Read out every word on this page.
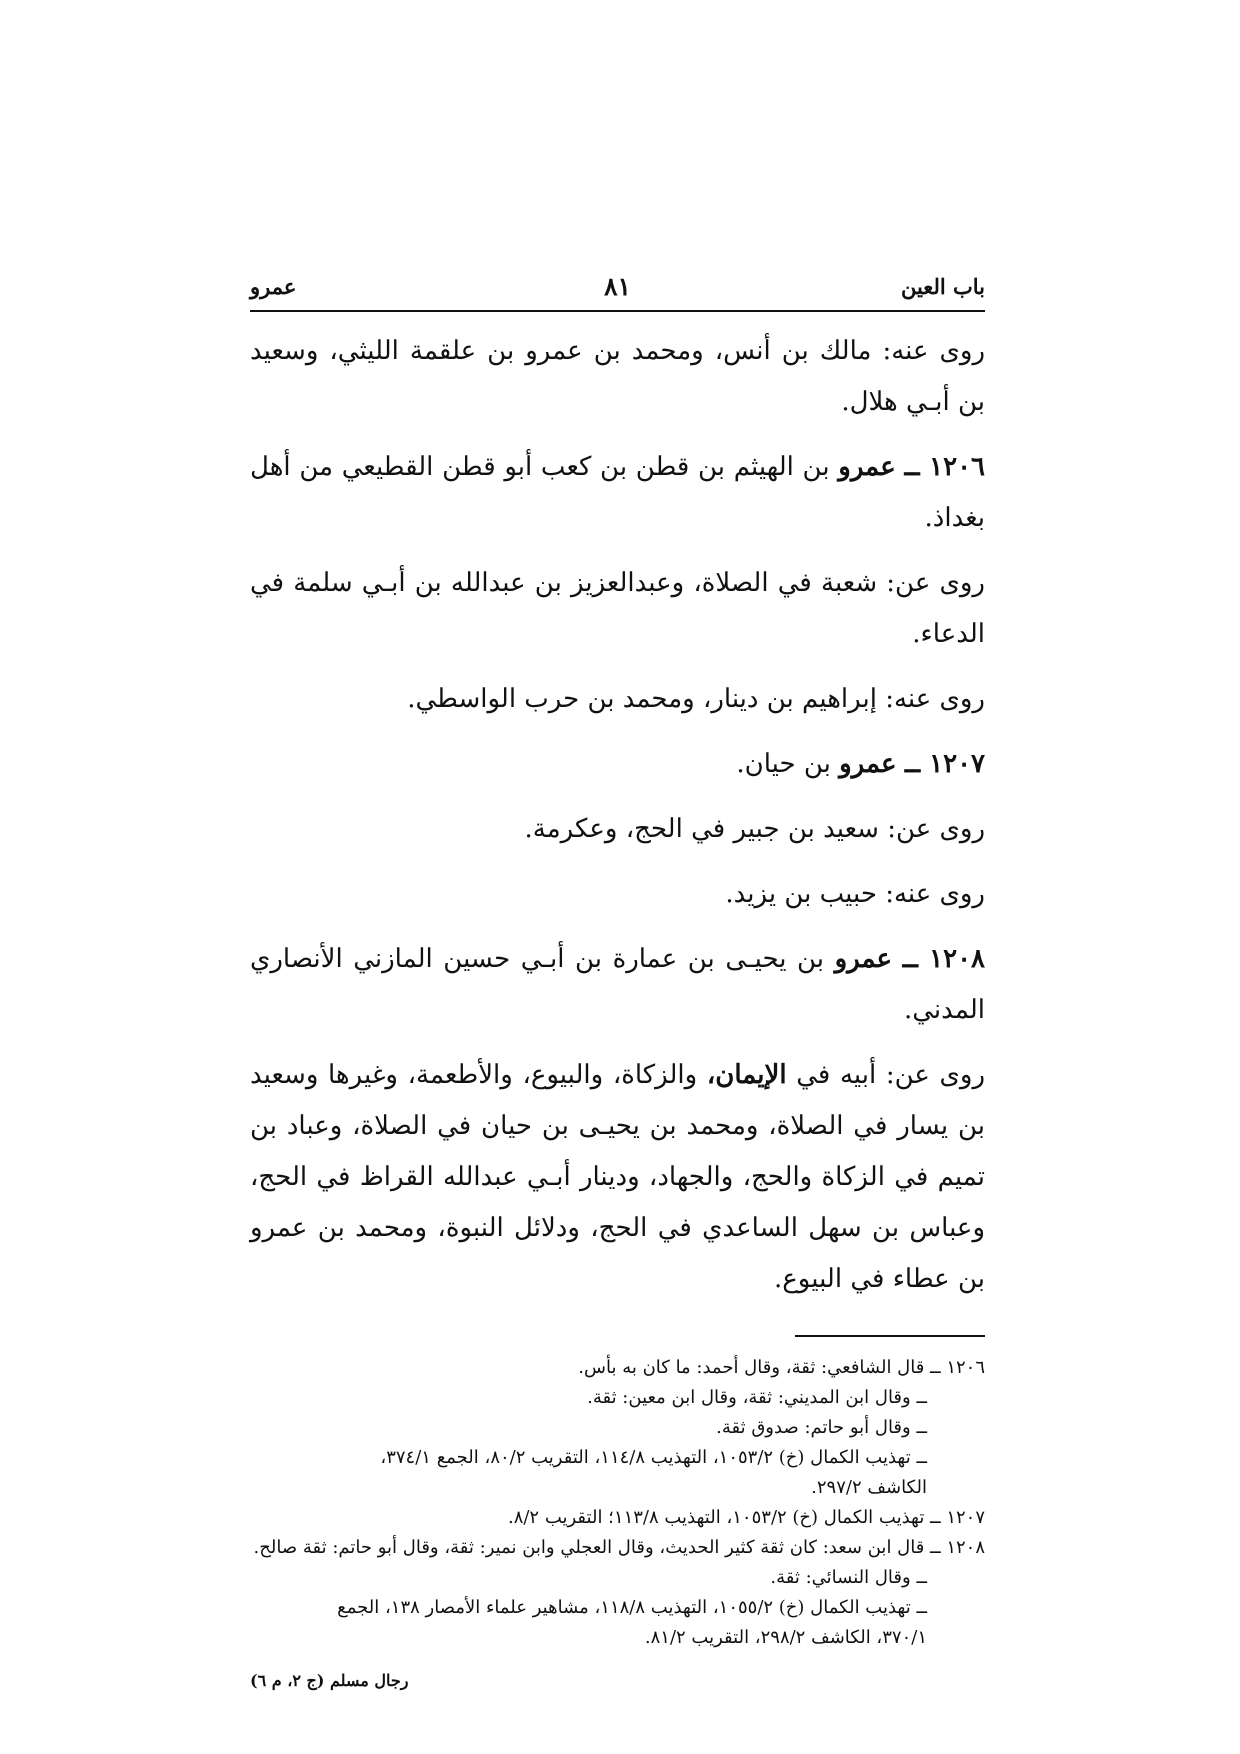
باب العين
٨١
عمرو

روى عنه: مالك بن أنس، ومحمد بن عمرو بن علقمة الليثي، وسعيد بن أبـي هلال.

١٢٠٦ ــ عمرو بن الهيثم بن قطن بن كعب أبو قطن القطيعي من أهل بغداذ.

روى عن: شعبة في الصلاة، وعبدالعزيز بن عبدالله بن أبـي سلمة في الدعاء.

روى عنه: إبراهيم بن دينار، ومحمد بن حرب الواسطي.

١٢٠٧ ــ عمرو بن حيان.

روى عن: سعيد بن جبير في الحج، وعكرمة.

روى عنه: حبيب بن يزيد.

١٢٠٨ ــ عمرو بن يحيـى بن عمارة بن أبـي حسين المازني الأنصاري المدني.

روى عن: أبيه في الإيمان، والزكاة، والبيوع، والأطعمة، وغيرها وسعيد بن يسار في الصلاة، ومحمد بن يحيـى بن حيان في الصلاة، وعباد بن تميم في الزكاة والحج، والجهاد، ودينار أبـي عبدالله القراظ في الحج، وعباس بن سهل الساعدي في الحج، ودلائل النبوة، ومحمد بن عمرو بن عطاء في البيوع.

١٢٠٦ ــ قال الشافعي: ثقة، وقال أحمد: ما كان به بأس.

ــ وقال ابن المديني: ثقة، وقال ابن معين: ثقة.

ــ وقال أبو حاتم: صدوق ثقة.

ــ تهذيب الكمال (خ) ١٠٥٣/٢، التهذيب ١١٤/٨، التقريب ٨٠/٢، الجمع ٣٧٤/١،

الكاشف ٢٩٧/٢.

١٢٠٧ ــ تهذيب الكمال (خ) ١٠٥٣/٢، التهذيب ١١٣/٨؛ التقريب ٨/٢.

١٢٠٨ ــ قال ابن سعد: كان ثقة كثير الحديث، وقال العجلي وابن نمير: ثقة، وقال أبو حاتم: ثقة صالح.

ــ وقال النسائي: ثقة.

ــ تهذيب الكمال (خ) ١٠٥٥/٢، التهذيب ١١٨/٨، مشاهير علماء الأمصار ١٣٨، الجمع

٣٧٠/١، الكاشف ٢٩٨/٢، التقريب ٨١/٢.

رجال مسلم (ج ٢، م ٦)
